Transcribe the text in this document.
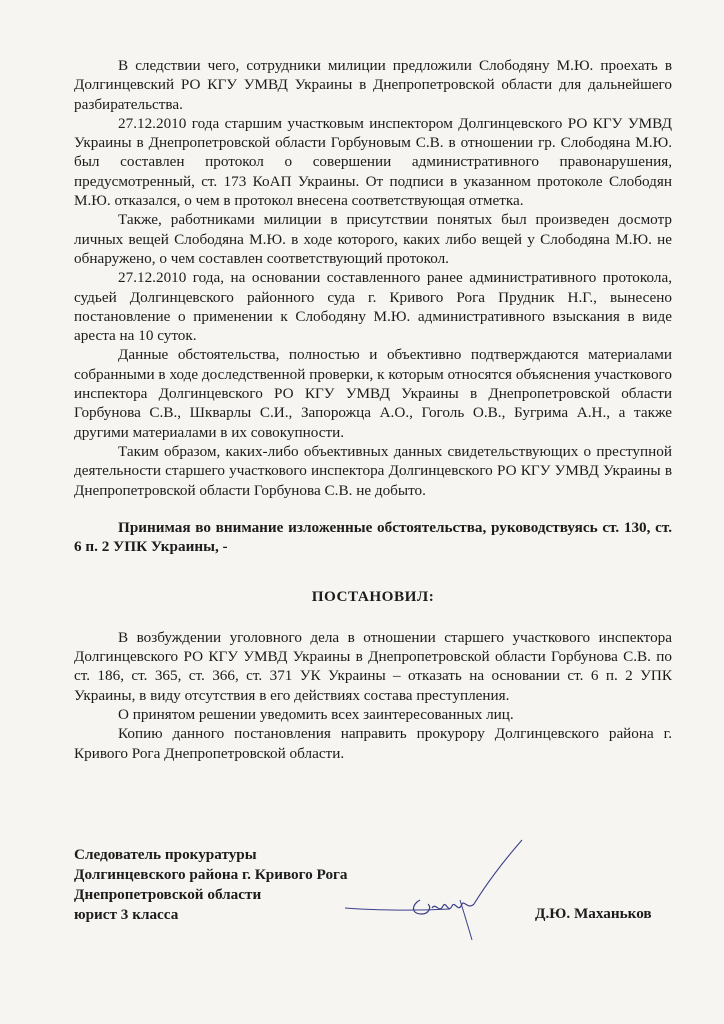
В следствии чего, сотрудники милиции предложили Слободяну М.Ю. проехать в Долгинцевский РО КГУ УМВД Украины в Днепропетровской области для дальнейшего разбирательства.

27.12.2010 года старшим участковым инспектором Долгинцевского РО КГУ УМВД Украины в Днепропетровской области Горбуновым С.В. в отношении гр. Слободяна М.Ю. был составлен протокол о совершении административного правонарушения, предусмотренный, ст. 173 КоАП Украины. От подписи в указанном протоколе Слободян М.Ю. отказался, о чем в протокол внесена соответствующая отметка.

Также, работниками милиции в присутствии понятых был произведен досмотр личных вещей Слободяна М.Ю. в ходе которого, каких либо вещей у Слободяна М.Ю. не обнаружено, о чем составлен соответствующий протокол.

27.12.2010 года, на основании составленного ранее административного протокола, судьей Долгинцевского районного суда г. Кривого Рога Прудник Н.Г., вынесено постановление о применении к Слободяну М.Ю. административного взыскания в виде ареста на 10 суток.

Данные обстоятельства, полностью и объективно подтверждаются материалами собранными в ходе доследственной проверки, к которым относятся объяснения участкового инспектора Долгинцевского РО КГУ УМВД Украины в Днепропетровской области Горбунова С.В., Шкварлы С.И., Запорожца А.О., Гоголь О.В., Бугрима А.Н., а также другими материалами в их совокупности.

Таким образом, каких-либо объективных данных свидетельствующих о преступной деятельности старшего участкового инспектора Долгинцевского РО КГУ УМВД Украины в Днепропетровской области Горбунова С.В. не добыто.

Принимая во внимание изложенные обстоятельства, руководствуясь ст. 130, ст. 6 п. 2 УПК Украины, -

ПОСТАНОВИЛ:

В возбуждении уголовного дела в отношении старшего участкового инспектора Долгинцевского РО КГУ УМВД Украины в Днепропетровской области Горбунова С.В. по ст. 186, ст. 365, ст. 366, ст. 371 УК Украины – отказать на основании ст. 6 п. 2 УПК Украины, в виду отсутствия в его действиях состава преступления.

О принятом решении уведомить всех заинтересованных лиц.

Копию данного постановления направить прокурору Долгинцевского района г. Кривого Рога Днепропетровской области.

Следователь прокуратуры
Долгинцевского района г. Кривого Рога
Днепропетровской области
юрист 3 класса	Д.Ю. Маханьков
